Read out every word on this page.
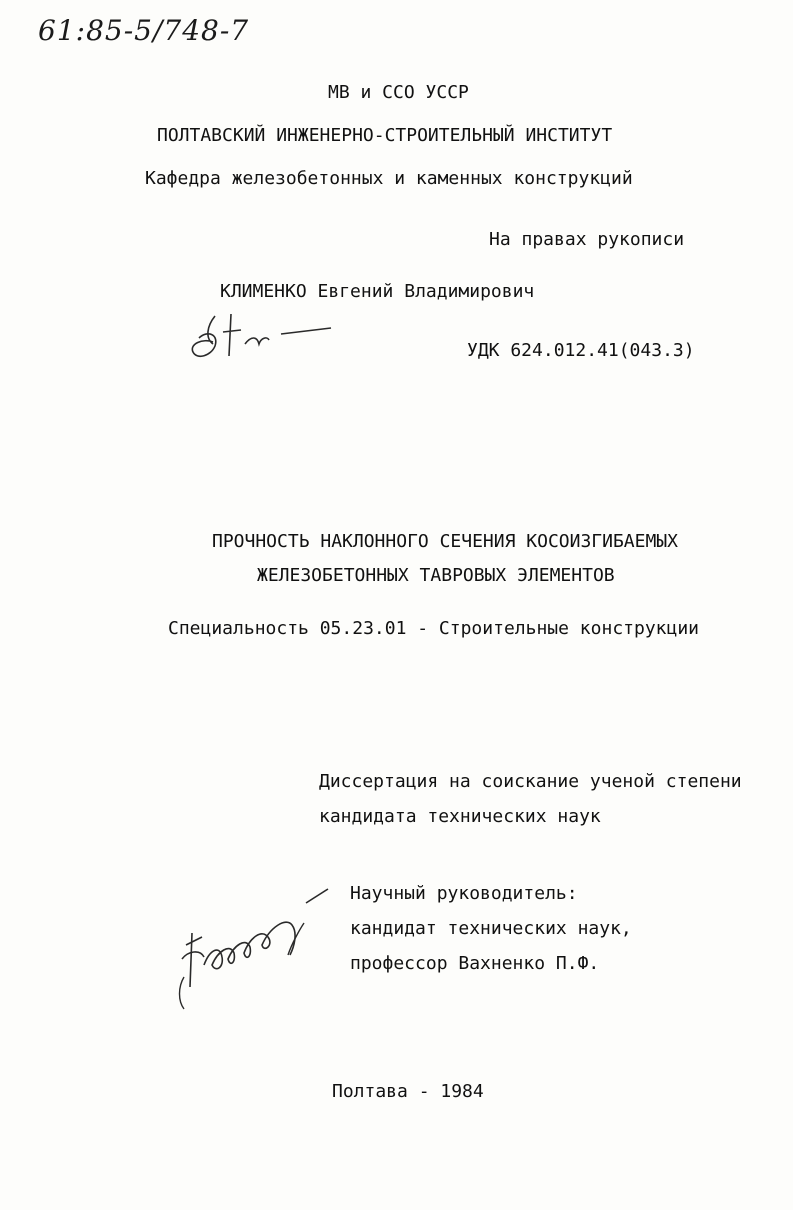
61:85-5/748-7
МВ и ССО УССР
ПОЛТАВСКИЙ ИНЖЕНЕРНО-СТРОИТЕЛЬНЫЙ ИНСТИТУТ
Кафедра железобетонных и каменных конструкций
На правах рукописи
КЛИМЕНКО Евгений Владимирович
УДК 624.012.41(043.3)
ПРОЧНОСТЬ НАКЛОННОГО СЕЧЕНИЯ КОСОИЗГИБАЕМЫХ
ЖЕЛЕЗОБЕТОННЫХ ТАВРОВЫХ ЭЛЕМЕНТОВ
Специальность 05.23.01 - Строительные конструкции
Диссертация на соискание ученой степени
кандидата технических наук
Научный руководитель:
кандидат технических наук,
профессор Вахненко П.Ф.
Полтава - 1984
